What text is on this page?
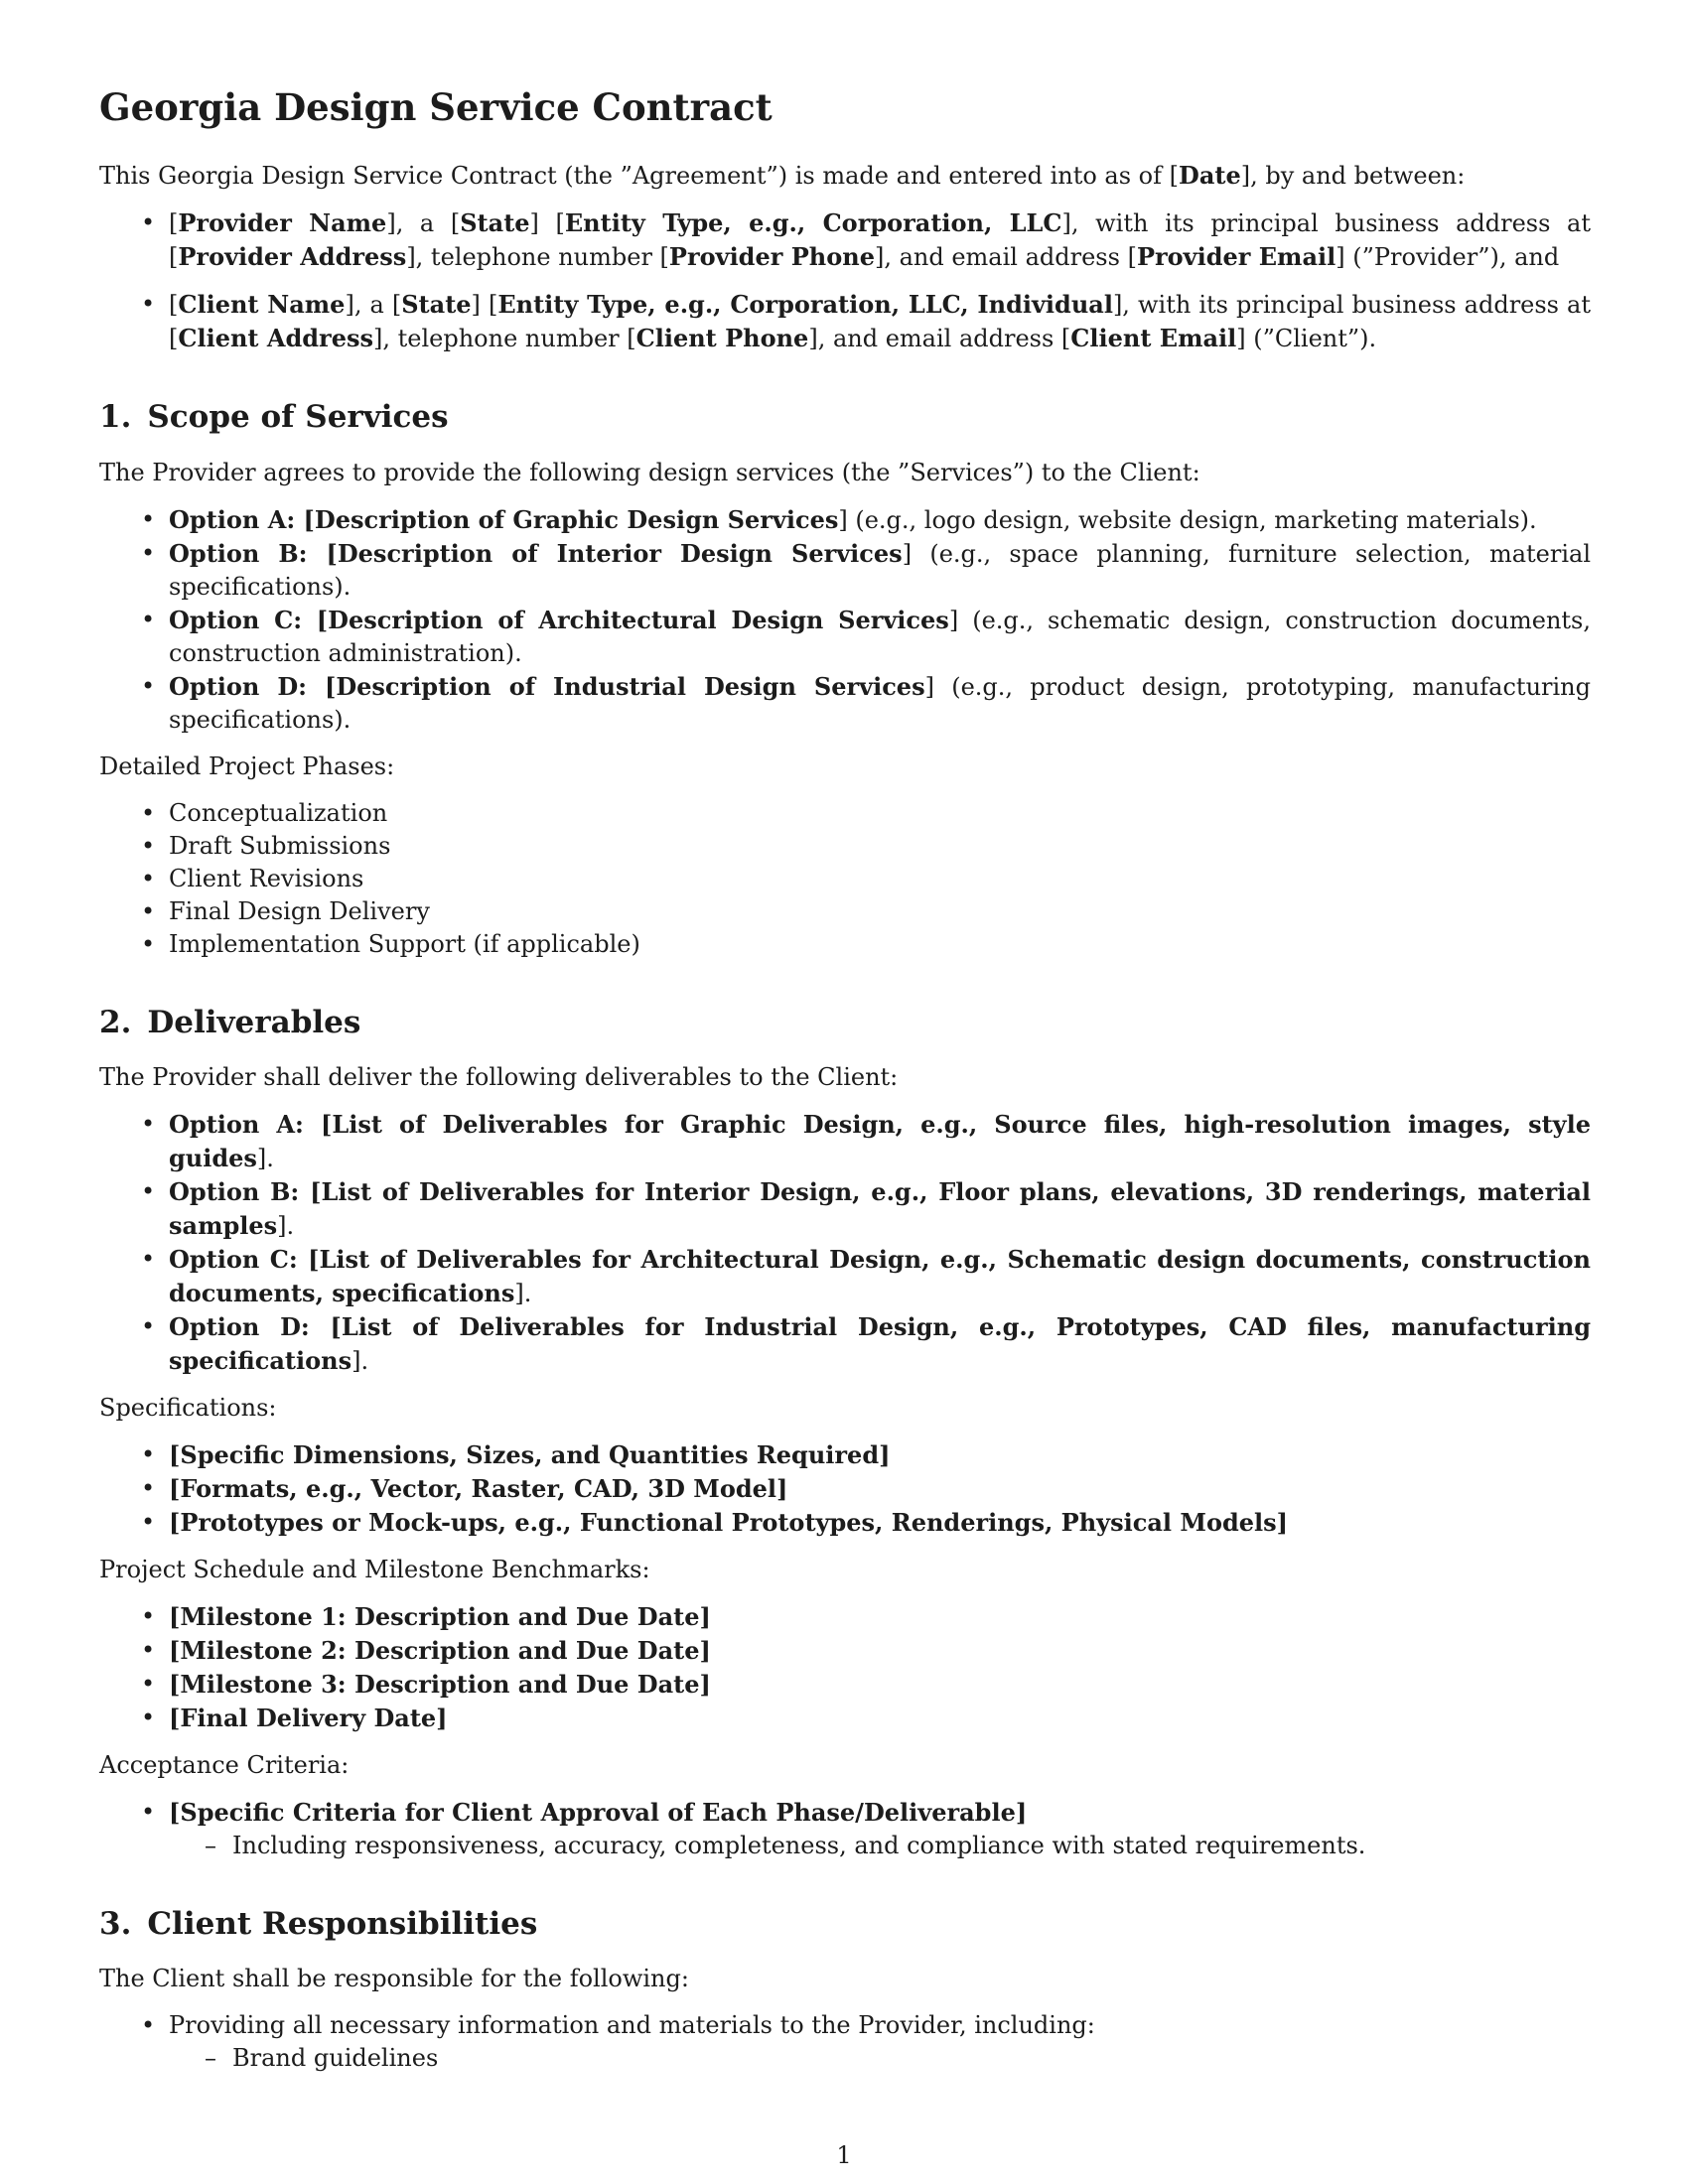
Georgia Design Service Contract

This Georgia Design Service Contract (the ”Agreement”) is made and entered into as of [Date], by and between:

• [Provider Name], a [State] [Entity Type, e.g., Corporation, LLC], with its principal business address at [Provider Address], telephone number [Provider Phone], and email address [Provider Email] (”Provider”), and
• [Client Name], a [State] [Entity Type, e.g., Corporation, LLC, Individual], with its principal business address at [Client Address], telephone number [Client Phone], and email address [Client Email] (”Client”).
1. Scope of Services

The Provider agrees to provide the following design services (the ”Services”) to the Client:

• Option A: [Description of Graphic Design Services] (e.g., logo design, website design, marketing materials).
• Option B: [Description of Interior Design Services] (e.g., space planning, furniture selection, material specifications).
• Option C: [Description of Architectural Design Services] (e.g., schematic design, construction documents, construction administration).
• Option D: [Description of Industrial Design Services] (e.g., product design, prototyping, manufacturing specifications).

Detailed Project Phases:

• Conceptualization
• Draft Submissions
• Client Revisions
• Final Design Delivery
• Implementation Support (if applicable)
2. Deliverables

The Provider shall deliver the following deliverables to the Client:

• Option A: [List of Deliverables for Graphic Design, e.g., Source files, high-resolution images, style guides].
• Option B: [List of Deliverables for Interior Design, e.g., Floor plans, elevations, 3D renderings, material samples].
• Option C: [List of Deliverables for Architectural Design, e.g., Schematic design documents, construction documents, specifications].
• Option D: [List of Deliverables for Industrial Design, e.g., Prototypes, CAD files, manufacturing specifications].

Specifications:

• [Specific Dimensions, Sizes, and Quantities Required]
• [Formats, e.g., Vector, Raster, CAD, 3D Model]
• [Prototypes or Mock-ups, e.g., Functional Prototypes, Renderings, Physical Models]

Project Schedule and Milestone Benchmarks:

• [Milestone 1: Description and Due Date]
• [Milestone 2: Description and Due Date]
• [Milestone 3: Description and Due Date]
• [Final Delivery Date]

Acceptance Criteria:

• [Specific Criteria for Client Approval of Each Phase/Deliverable]
– Including responsiveness, accuracy, completeness, and compliance with stated requirements.
3. Client Responsibilities

The Client shall be responsible for the following:

• Providing all necessary information and materials to the Provider, including:
– Brand guidelines
1
